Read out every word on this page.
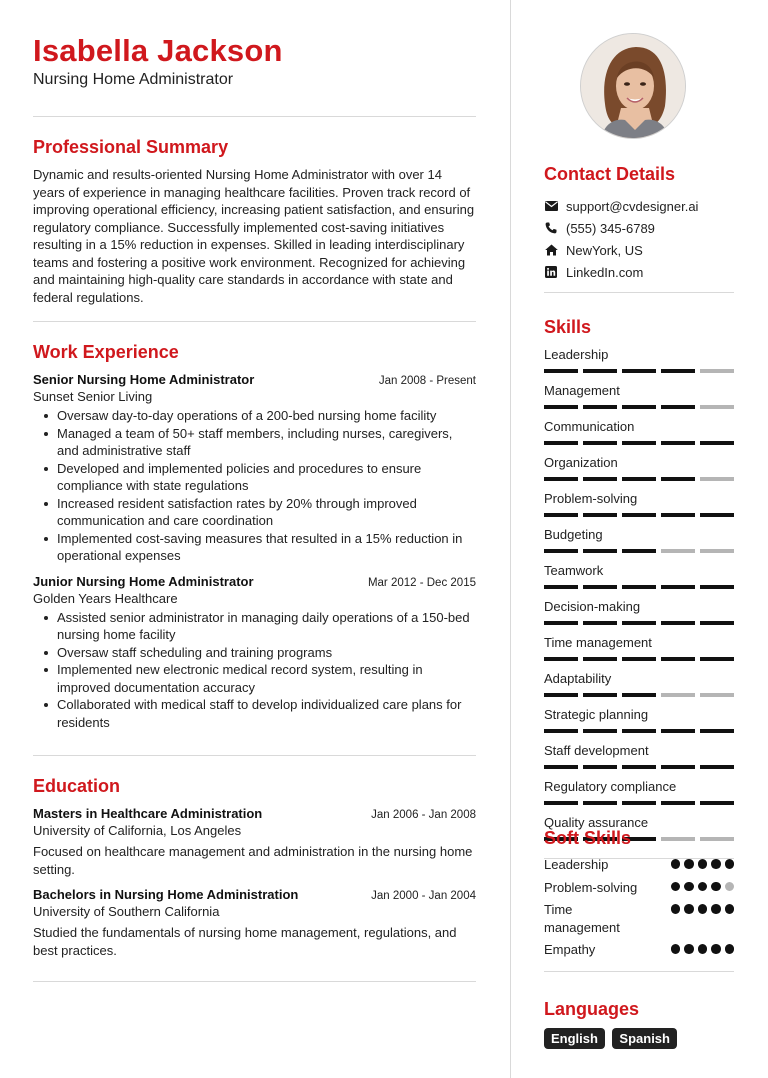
Isabella Jackson
Nursing Home Administrator
Professional Summary
Dynamic and results-oriented Nursing Home Administrator with over 14 years of experience in managing healthcare facilities. Proven track record of improving operational efficiency, increasing patient satisfaction, and ensuring regulatory compliance. Successfully implemented cost-saving initiatives resulting in a 15% reduction in expenses. Skilled in leading interdisciplinary teams and fostering a positive work environment. Recognized for achieving and maintaining high-quality care standards in accordance with state and federal regulations.
Work Experience
Senior Nursing Home Administrator	Jan 2008 - Present
Sunset Senior Living
Oversaw day-to-day operations of a 200-bed nursing home facility
Managed a team of 50+ staff members, including nurses, caregivers, and administrative staff
Developed and implemented policies and procedures to ensure compliance with state regulations
Increased resident satisfaction rates by 20% through improved communication and care coordination
Implemented cost-saving measures that resulted in a 15% reduction in operational expenses
Junior Nursing Home Administrator	Mar 2012 - Dec 2015
Golden Years Healthcare
Assisted senior administrator in managing daily operations of a 150-bed nursing home facility
Oversaw staff scheduling and training programs
Implemented new electronic medical record system, resulting in improved documentation accuracy
Collaborated with medical staff to develop individualized care plans for residents
Education
Masters in Healthcare Administration	Jan 2006 - Jan 2008
University of California, Los Angeles
Focused on healthcare management and administration in the nursing home setting.
Bachelors in Nursing Home Administration	Jan 2000 - Jan 2004
University of Southern California
Studied the fundamentals of nursing home management, regulations, and best practices.
Contact Details
support@cvdesigner.ai
(555) 345-6789
NewYork, US
LinkedIn.com
Skills
Leadership
Management
Communication
Organization
Problem-solving
Budgeting
Teamwork
Decision-making
Time management
Adaptability
Strategic planning
Staff development
Regulatory compliance
Quality assurance
Soft Skills
Leadership
Problem-solving
Time management
Empathy
Languages
English Spanish
